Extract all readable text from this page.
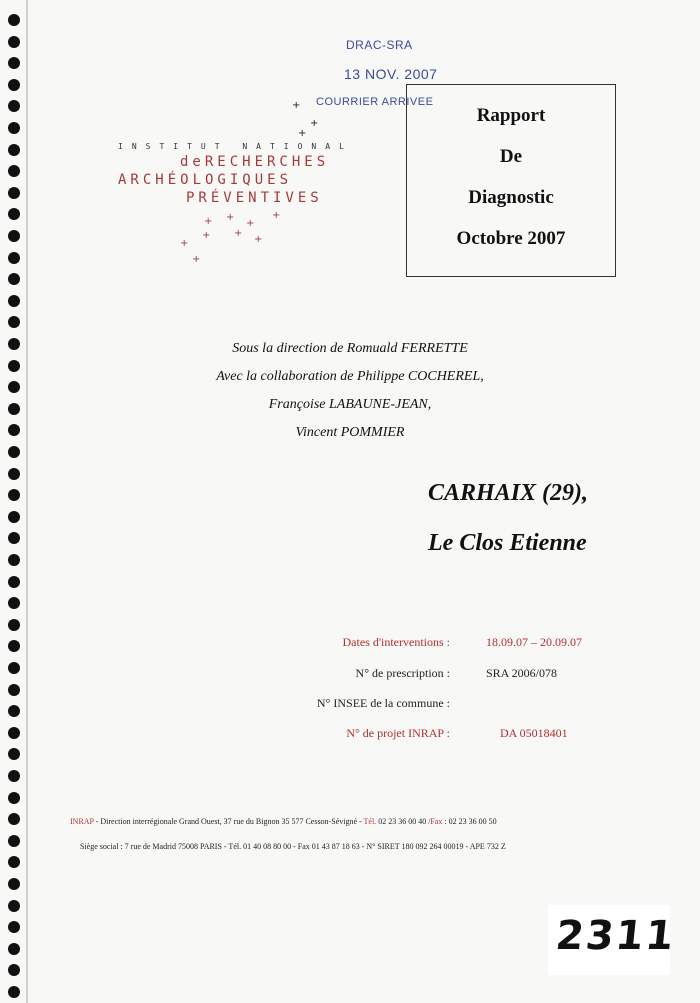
DRAC-SRA
13 NOV. 2007
COURRIER ARRIVEE
INSTITUT NATIONAL
deRECHERCHES
ARCHÉOLOGIQUES
PRÉVENTIVES
+
+
+
+ +
+
+
+ +
+
+
+
Rapport
De
Diagnostic
Octobre 2007
Sous la direction de Romuald FERRETTE
Avec la collaboration de Philippe COCHEREL,
Françoise LABAUNE-JEAN,
Vincent POMMIER
CARHAIX (29),
Le Clos Etienne
Dates d'interventions :	18.09.07 – 20.09.07
N° de prescription :	SRA 2006/078
N° INSEE de la commune :
N° de projet INRAP :	DA 05018401
INRAP - Direction interrégionale Grand Ouest, 37 rue du Bignon 35 577 Cesson-Sévigné - Tél. 02 23 36 00 40 /Fax : 02 23 36 00 50
Siège social : 7 rue de Madrid 75008 PARIS - Tél. 01 40 08 80 00 - Fax 01 43 87 18 63 - N° SIRET 180 092 264 00019 - APE 732 Z
2311
